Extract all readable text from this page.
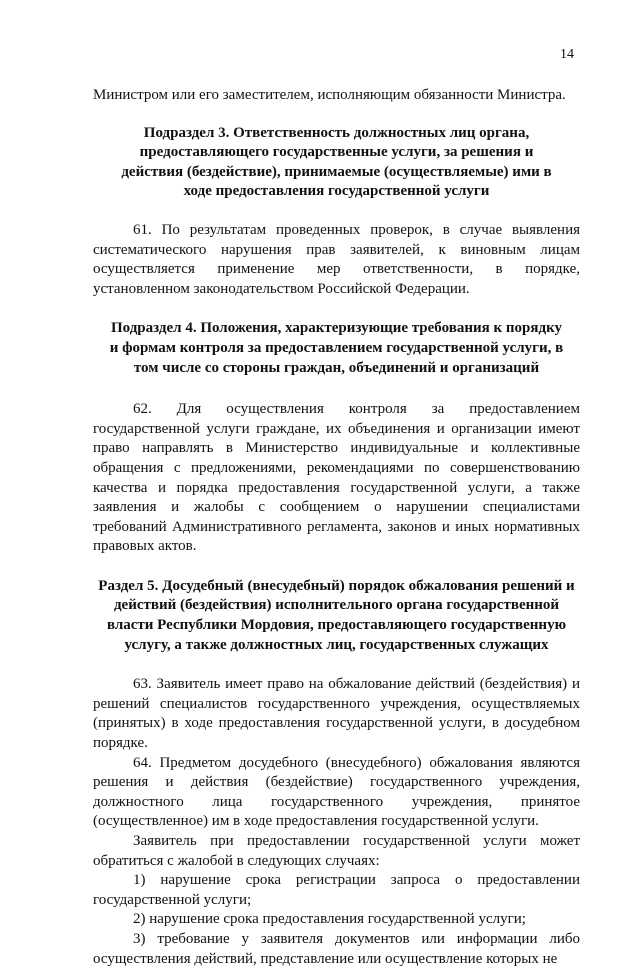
14

Министром или его заместителем, исполняющим обязанности Министра.

Подраздел 3. Ответственность должностных лиц органа, предоставляющего государственные услуги, за решения и действия (бездействие), принимаемые (осуществляемые) ими в ходе предоставления государственной услуги

61. По результатам проведенных проверок, в случае выявления систематического нарушения прав заявителей, к виновным лицам осуществляется применение мер ответственности, в порядке, установленном законодательством Российской Федерации.

Подраздел 4. Положения, характеризующие требования к порядку и формам контроля за предоставлением государственной услуги, в том числе со стороны граждан, объединений и организаций

62. Для осуществления контроля за предоставлением государственной услуги граждане, их объединения и организации имеют право направлять в Министерство индивидуальные и коллективные обращения с предложениями, рекомендациями по совершенствованию качества и порядка предоставления государственной услуги, а также заявления и жалобы с сообщением о нарушении специалистами требований Административного регламента, законов и иных нормативных правовых актов.

Раздел 5. Досудебный (внесудебный) порядок обжалования решений и действий (бездействия) исполнительного органа государственной власти Республики Мордовия, предоставляющего государственную услугу, а также должностных лиц, государственных служащих

63. Заявитель имеет право на обжалование действий (бездействия) и решений специалистов государственного учреждения, осуществляемых (принятых) в ходе предоставления государственной услуги, в досудебном порядке.

64. Предметом досудебного (внесудебного) обжалования являются решения и действия (бездействие) государственного учреждения, должностного лица государственного учреждения, принятое (осуществленное) им в ходе предоставления государственной услуги.

Заявитель при предоставлении государственной услуги может обратиться с жалобой в следующих случаях:

1) нарушение срока регистрации запроса о предоставлении государственной услуги;

2) нарушение срока предоставления государственной услуги;

3) требование у заявителя документов или информации либо осуществления действий, представление или осуществление которых не
